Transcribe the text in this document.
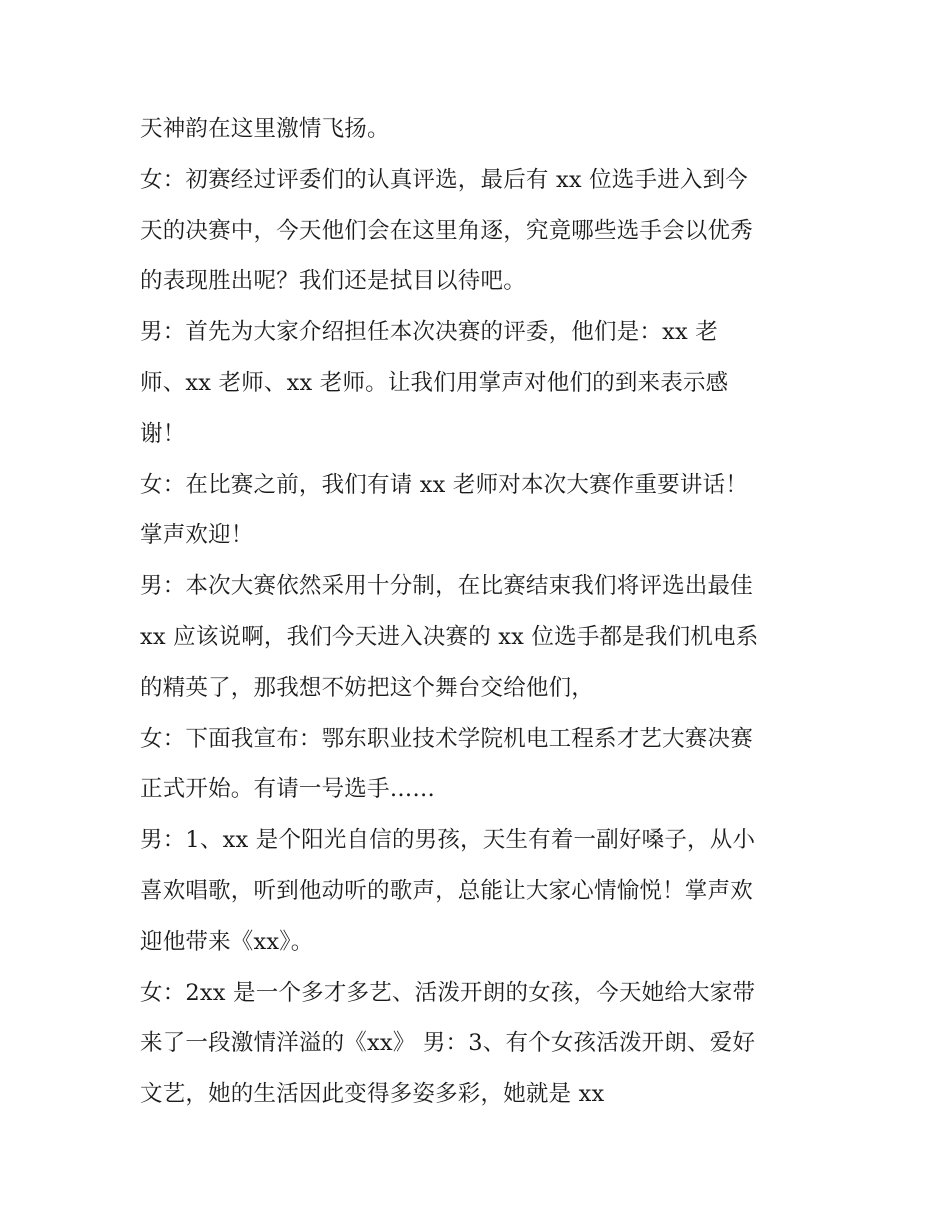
天神韵在这里激情飞扬。
女：初赛经过评委们的认真评选，最后有 xx 位选手进入到今
天的决赛中，今天他们会在这里角逐，究竟哪些选手会以优秀
的表现胜出呢？我们还是拭目以待吧。
男：首先为大家介绍担任本次决赛的评委，他们是：xx 老
师、xx 老师、xx 老师。让我们用掌声对他们的到来表示感
谢！
女：在比赛之前，我们有请 xx 老师对本次大赛作重要讲话！
掌声欢迎！
男：本次大赛依然采用十分制，在比赛结束我们将评选出最佳
xx 应该说啊，我们今天进入决赛的 xx 位选手都是我们机电系
的精英了，那我想不妨把这个舞台交给他们，
女：下面我宣布：鄂东职业技术学院机电工程系才艺大赛决赛
正式开始。有请一号选手……
男：1、xx 是个阳光自信的男孩，天生有着一副好嗓子，从小
喜欢唱歌，听到他动听的歌声，总能让大家心情愉悦！掌声欢
迎他带来《xx》。
女：2xx 是一个多才多艺、活泼开朗的女孩，今天她给大家带
来了一段激情洋溢的《xx》 男：3、有个女孩活泼开朗、爱好
文艺，她的生活因此变得多姿多彩，她就是 xx
